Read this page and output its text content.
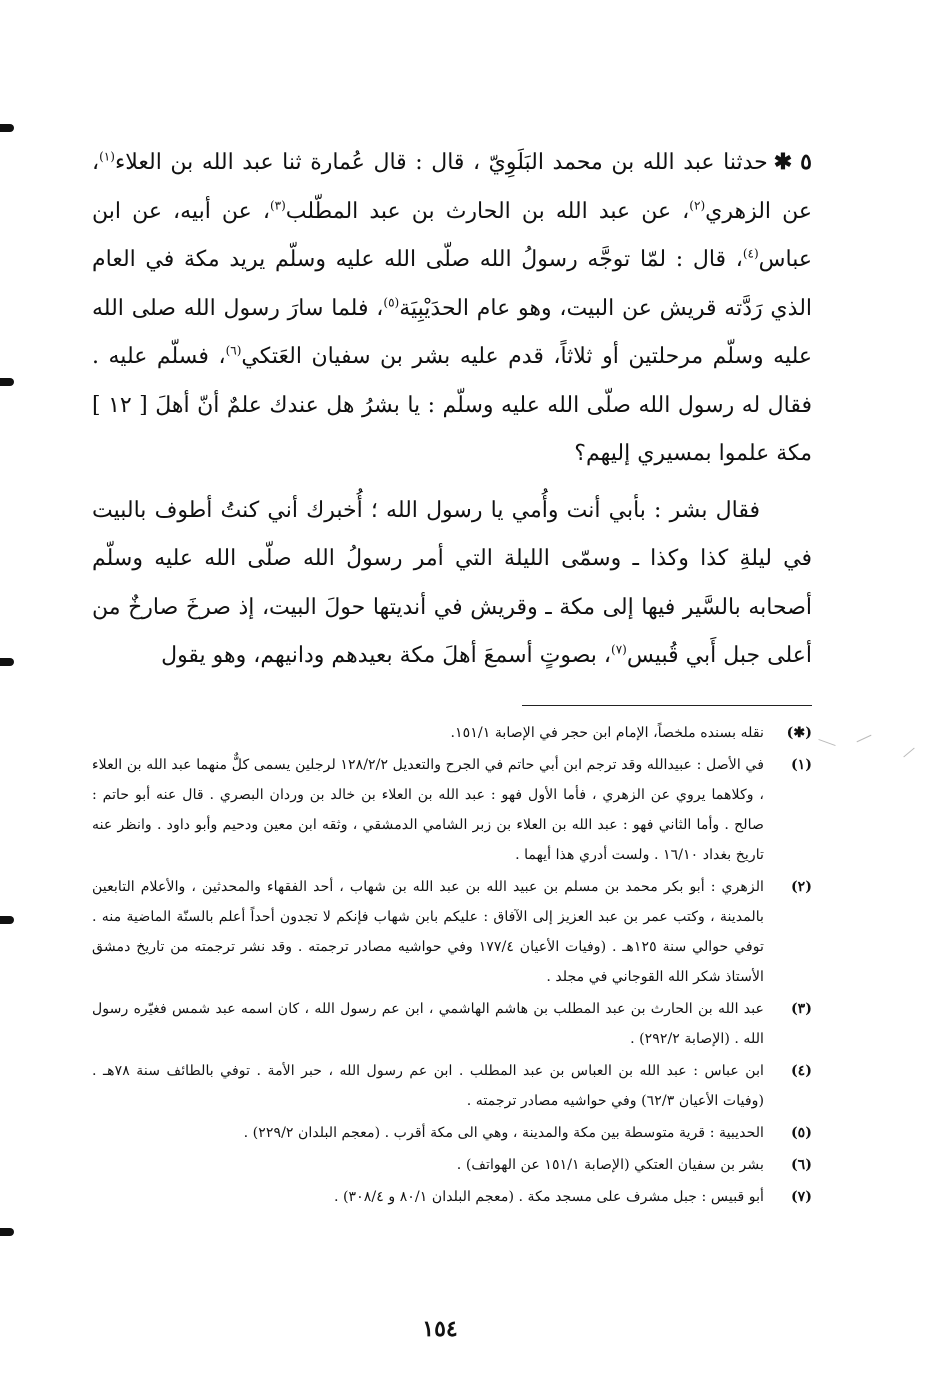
٥✱حدثنا عبد الله بن محمد البَلَوِيّ ، قال : قال عُمارة ثنا عبد الله بن العلاء$^{(١)}$، عن الزهري$^{(٢)}$، عن عبد الله بن الحارث بن عبد المطّلب$^{(٣)}$، عن أبيه، عن ابن عباس$^{(٤)}$، قال : لمّا توجَّه رسولُ الله صلّى الله عليه وسلّم يريد مكة في العام الذي رَدَّته قريش عن البيت، وهو عام الحدَيْبِيَة$^{(٥)}$، فلما سارَ رسول الله صلى الله عليه وسلّم مرحلتين أو ثلاثاً، قدم عليه بشر بن سفيان العَتكي$^{(٦)}$، فسلّم عليه . فقال له رسول الله صلّى الله عليه وسلّم : يا بشرُ هل عندك علمٌ أنّ أهلَ [ ١٢ ] مكة علموا بمسيري إليهم؟

فقال بشر : بأبي أنت وأُمي يا رسول الله ؛ أُخبرك أني كنتُ أطوف بالبيت في ليلةِ كذا وكذا ـ وسمّى الليلة التي أمر رسولُ الله صلّى الله عليه وسلّم أصحابه بالسَّير فيها إلى مكة ـ وقريش في أنديتها حولَ البيت، إذ صرخَ صارخٌ من أعلى جبل أَبي قُبيس$^{(٧)}$، بصوتٍ أسمعَ أهلَ مكة بعيدهم ودانيهم، وهو يقول

(✱)
نقله بسنده ملخصاً، الإمام ابن حجر في الإصابة ١٥١/١.
(١)
في الأصل : عبيدالله وقد ترجم ابن أبي حاتم في الجرح والتعديل ١٢٨/٢/٢ لرجلين يسمى كلٌّ منهما عبد الله بن العلاء ، وكلاهما يروي عن الزهري ، فأما الأول فهو : عبد الله بن العلاء بن خالد بن وردان البصري . قال عنه أبو حاتم : صالح . وأما الثاني فهو : عبد الله بن العلاء بن زبر الشامي الدمشقي ، وثقه ابن معين ودحيم وأبو داود . وانظر عنه تاريخ بغداد ١٦/١٠ . ولست أدري هذا أيهما .
(٢)
الزهري : أبو بكر محمد بن مسلم بن عبيد الله بن عبد الله بن شهاب ، أحد الفقهاء والمحدثين ، والأعلام التابعين بالمدينة ، وكتب عمر بن عبد العزيز إلى الآفاق : عليكم بابن شهاب فإنكم لا تجدون أحداً أعلم بالسنّة الماضية منه . توفي حوالي سنة ١٢٥هـ . (وفيات الأعيان ١٧٧/٤ وفي حواشيه مصادر ترجمته . وقد نشر ترجمته من تاريخ دمشق الأستاذ شكر الله القوجاني في مجلد .
(٣)
عبد الله بن الحارث بن عبد المطلب بن هاشم الهاشمي ، ابن عم رسول الله ، كان اسمه عبد شمس فغيّره رسول الله . (الإصابة ٢٩٢/٢) .
(٤)
ابن عباس : عبد الله بن العباس بن عبد المطلب . ابن عم رسول الله ، حبر الأمة . توفي بالطائف سنة ٧٨هـ . (وفيات الأعيان ٦٢/٣) وفي حواشيه مصادر ترجمته .
(٥)
الحديبية : قرية متوسطة بين مكة والمدينة ، وهي الى مكة أقرب . (معجم البلدان ٢٢٩/٢) .
(٦)
بشر بن سفيان العتكي (الإصابة ١٥١/١ عن الهواتف) .
(٧)
أبو قبيس : جبل مشرف على مسجد مكة . (معجم البلدان ٨٠/١ و ٣٠٨/٤) .
١٥٤
